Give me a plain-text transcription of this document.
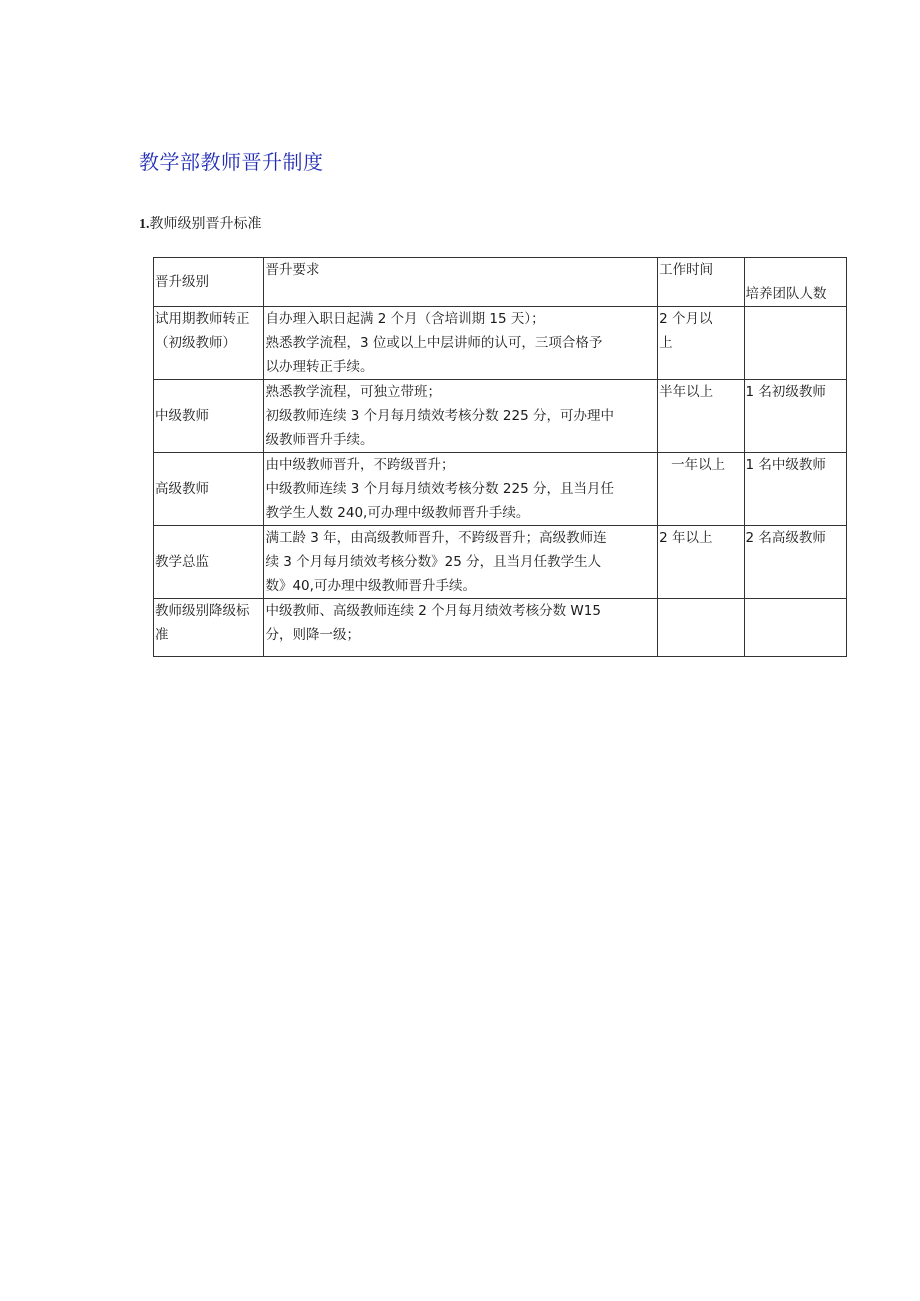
教学部教师晋升制度
1.教师级别晋升标准
晋升级别	晋升要求	工作时间	培养团队人数

试用期教师转正
（初级教师）	自办理入职日起满 2 个月（含培训期 15 天）；
熟悉教学流程，3 位或以上中层讲师的认可，三项合格予
以办理转正手续。	2 个月以
上	

中级教师	熟悉教学流程，可独立带班；
初级教师连续 3 个月每月绩效考核分数 225 分，可办理中
级教师晋升手续。	半年以上	1 名初级教师

高级教师	由中级教师晋升，不跨级晋升；
中级教师连续 3 个月每月绩效考核分数 225 分，且当月任
教学生人数 240,可办理中级教师晋升手续。	一年以上	1 名中级教师

教学总监	满工龄 3 年，由高级教师晋升，不跨级晋升；高级教师连
续 3 个月每月绩效考核分数》25 分，且当月任教学生人
数》40,可办理中级教师晋升手续。	2 年以上	2 名高级教师

教师级别降级标
准	中级教师、高级教师连续 2 个月每月绩效考核分数 W15
分，则降一级；		
